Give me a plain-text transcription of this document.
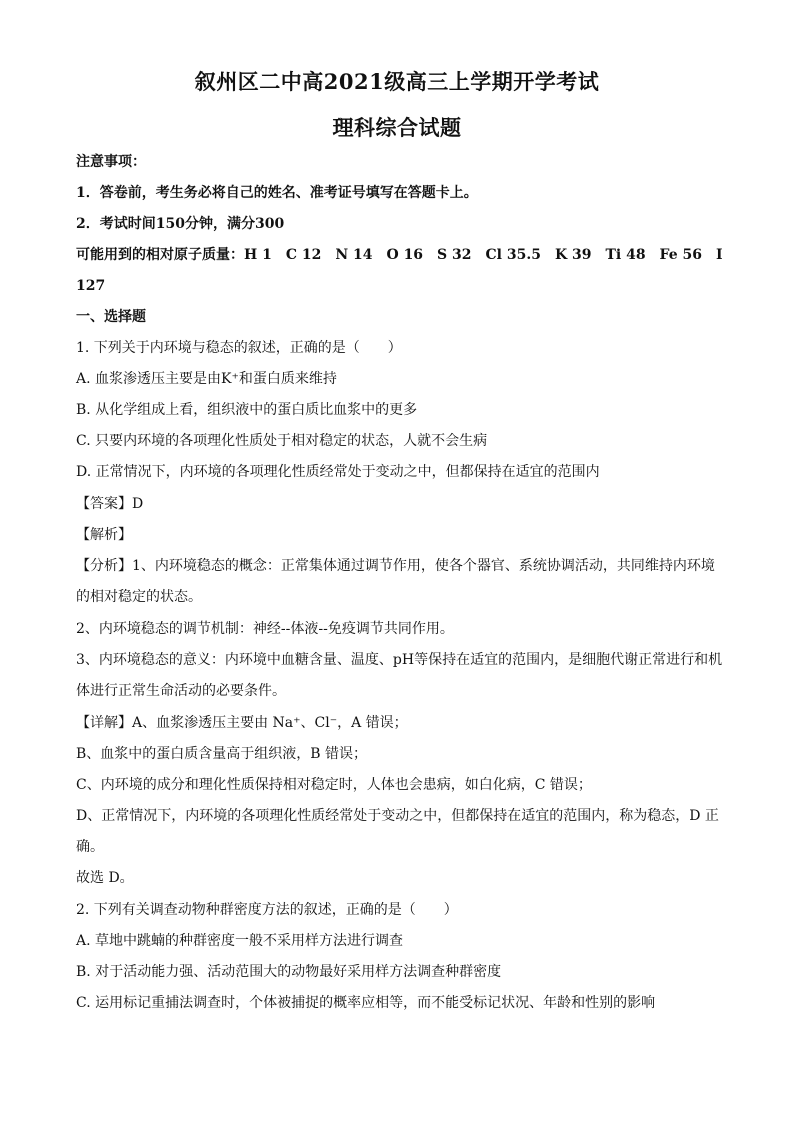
叙州区二中高2021级高三上学期开学考试
理科综合试题
注意事项：
1．答卷前，考生务必将自己的姓名、准考证号填写在答题卡上。
2．考试时间150分钟，满分300
可能用到的相对原子质量：H 1　C 12　N 14　O 16　S 32　Cl 35.5　K 39　Ti 48　Fe 56　I
127
一、选择题
1. 下列关于内环境与稳态的叙述，正确的是（　　）
A. 血浆渗透压主要是由K⁺和蛋白质来维持
B. 从化学组成上看，组织液中的蛋白质比血浆中的更多
C. 只要内环境的各项理化性质处于相对稳定的状态，人就不会生病
D. 正常情况下，内环境的各项理化性质经常处于变动之中，但都保持在适宜的范围内
【答案】D
【解析】
【分析】1、内环境稳态的概念：正常集体通过调节作用，使各个器官、系统协调活动，共同维持内环境
的相对稳定的状态。
2、内环境稳态的调节机制：神经--体液--免疫调节共同作用。
3、内环境稳态的意义：内环境中血糖含量、温度、pH等保持在适宜的范围内，是细胞代谢正常进行和机
体进行正常生命活动的必要条件。
【详解】A、血浆渗透压主要由 Na⁺、Cl⁻，A 错误；
B、血浆中的蛋白质含量高于组织液，B 错误；
C、内环境的成分和理化性质保持相对稳定时，人体也会患病，如白化病，C 错误；
D、正常情况下，内环境的各项理化性质经常处于变动之中，但都保持在适宜的范围内，称为稳态，D 正
确。
故选 D。
2. 下列有关调查动物种群密度方法的叙述，正确的是（　　）
A. 草地中跳蝻的种群密度一般不采用样方法进行调查
B. 对于活动能力强、活动范围大的动物最好采用样方法调查种群密度
C. 运用标记重捕法调查时，个体被捕捉的概率应相等，而不能受标记状况、年龄和性别的影响
